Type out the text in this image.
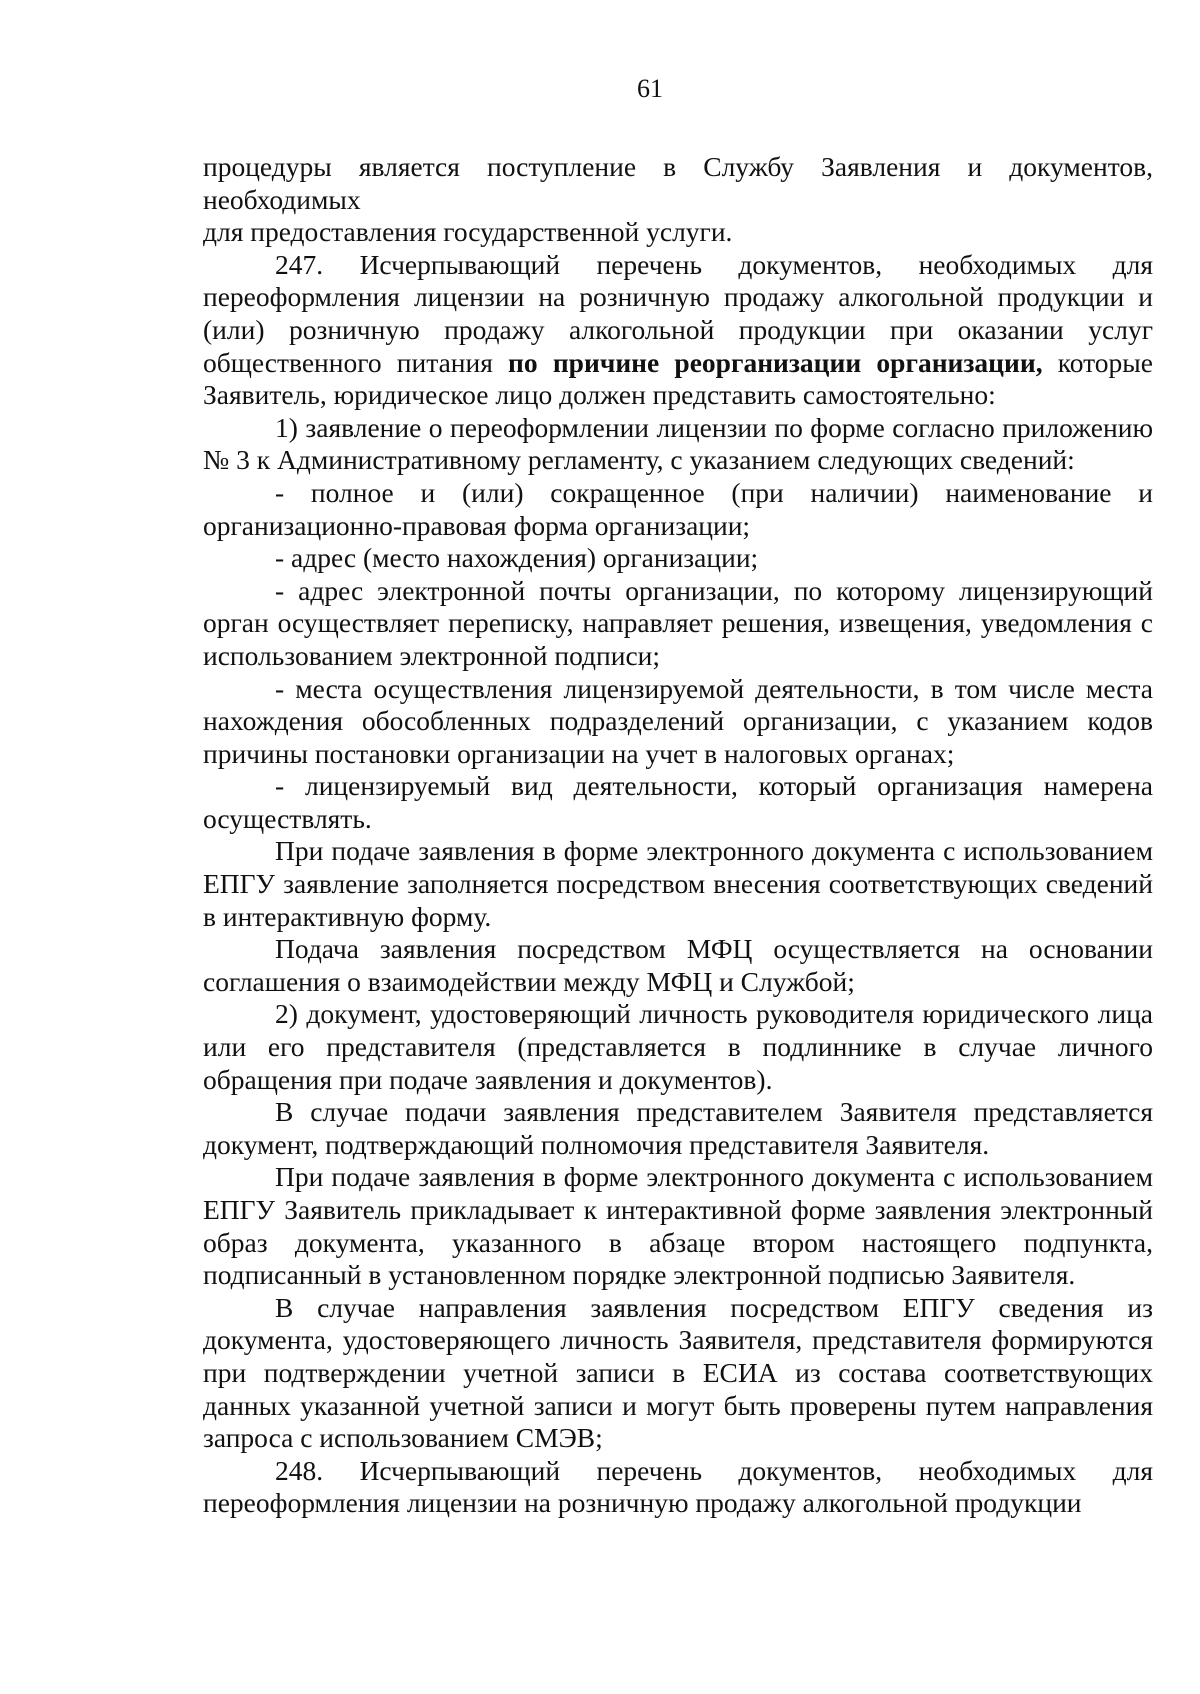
61

процедуры является поступление в Службу Заявления и документов, необходимых

для предоставления государственной услуги.

247. Исчерпывающий перечень документов, необходимых для переоформления лицензии на розничную продажу алкогольной продукции и (или) розничную продажу алкогольной продукции при оказании услуг общественного питания по причине реорганизации организации, которые Заявитель, юридическое лицо должен представить самостоятельно:

1) заявление о переоформлении лицензии по форме согласно приложению № 3 к Административному регламенту, с указанием следующих сведений:

- полное и (или) сокращенное (при наличии) наименование и организационно-правовая форма организации;

- адрес (место нахождения) организации;

- адрес электронной почты организации, по которому лицензирующий орган осуществляет переписку, направляет решения, извещения, уведомления с использованием электронной подписи;

- места осуществления лицензируемой деятельности, в том числе места нахождения обособленных подразделений организации, с указанием кодов причины постановки организации на учет в налоговых органах;

- лицензируемый вид деятельности, который организация намерена осуществлять.

При подаче заявления в форме электронного документа с использованием ЕПГУ заявление заполняется посредством внесения соответствующих сведений в интерактивную форму.

Подача заявления посредством МФЦ осуществляется на основании соглашения о взаимодействии между МФЦ и Службой;

2) документ, удостоверяющий личность руководителя юридического лица или его представителя (представляется в подлиннике в случае личного обращения при подаче заявления и документов).

В случае подачи заявления представителем Заявителя представляется документ, подтверждающий полномочия представителя Заявителя.

При подаче заявления в форме электронного документа с использованием ЕПГУ Заявитель прикладывает к интерактивной форме заявления электронный образ документа, указанного в абзаце втором настоящего подпункта, подписанный в установленном порядке электронной подписью Заявителя.

В случае направления заявления посредством ЕПГУ сведения из документа, удостоверяющего личность Заявителя, представителя формируются при подтверждении учетной записи в ЕСИА из состава соответствующих данных указанной учетной записи и могут быть проверены путем направления запроса с использованием СМЭВ;

248. Исчерпывающий перечень документов, необходимых для переоформления лицензии на розничную продажу алкогольной продукции
